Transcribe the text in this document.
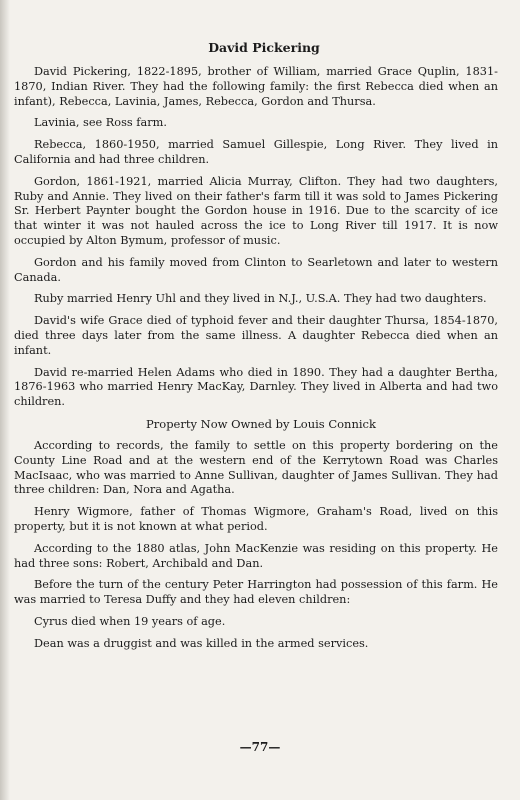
David Pickering

David Pickering, 1822-1895, brother of William, married Grace Quplin, 1831-1870, Indian River. They had the following family: the first Rebecca died when an infant), Rebecca, Lavinia, James, Rebecca, Gordon and Thursa.

Lavinia, see Ross farm.

Rebecca, 1860-1950, married Samuel Gillespie, Long River. They lived in California and had three children.

Gordon, 1861-1921, married Alicia Murray, Clifton. They had two daughters, Ruby and Annie. They lived on their father's farm till it was sold to James Pickering Sr. Herbert Paynter bought the Gordon house in 1916. Due to the scarcity of ice that winter it was not hauled across the ice to Long River till 1917. It is now occupied by Alton Bymum, professor of music.

Gordon and his family moved from Clinton to Searletown and later to western Canada.

Ruby married Henry Uhl and they lived in N.J., U.S.A. They had two daughters.

David's wife Grace died of typhoid fever and their daughter Thursa, 1854-1870, died three days later from the same illness. A daughter Rebecca died when an infant.

David re-married Helen Adams who died in 1890. They had a daughter Bertha, 1876-1963 who married Henry MacKay, Darnley. They lived in Alberta and had two children.

Property Now Owned by Louis Connick

According to records, the family to settle on this property bordering on the County Line Road and at the western end of the Kerrytown Road was Charles MacIsaac, who was married to Anne Sullivan, daughter of James Sullivan. They had three children: Dan, Nora and Agatha.

Henry Wigmore, father of Thomas Wigmore, Graham's Road, lived on this property, but it is not known at what period.

According to the 1880 atlas, John MacKenzie was residing on this property. He had three sons: Robert, Archibald and Dan.

Before the turn of the century Peter Harrington had possession of this farm. He was married to Teresa Duffy and they had eleven children:

Cyrus died when 19 years of age.

Dean was a druggist and was killed in the armed services.

—77—
